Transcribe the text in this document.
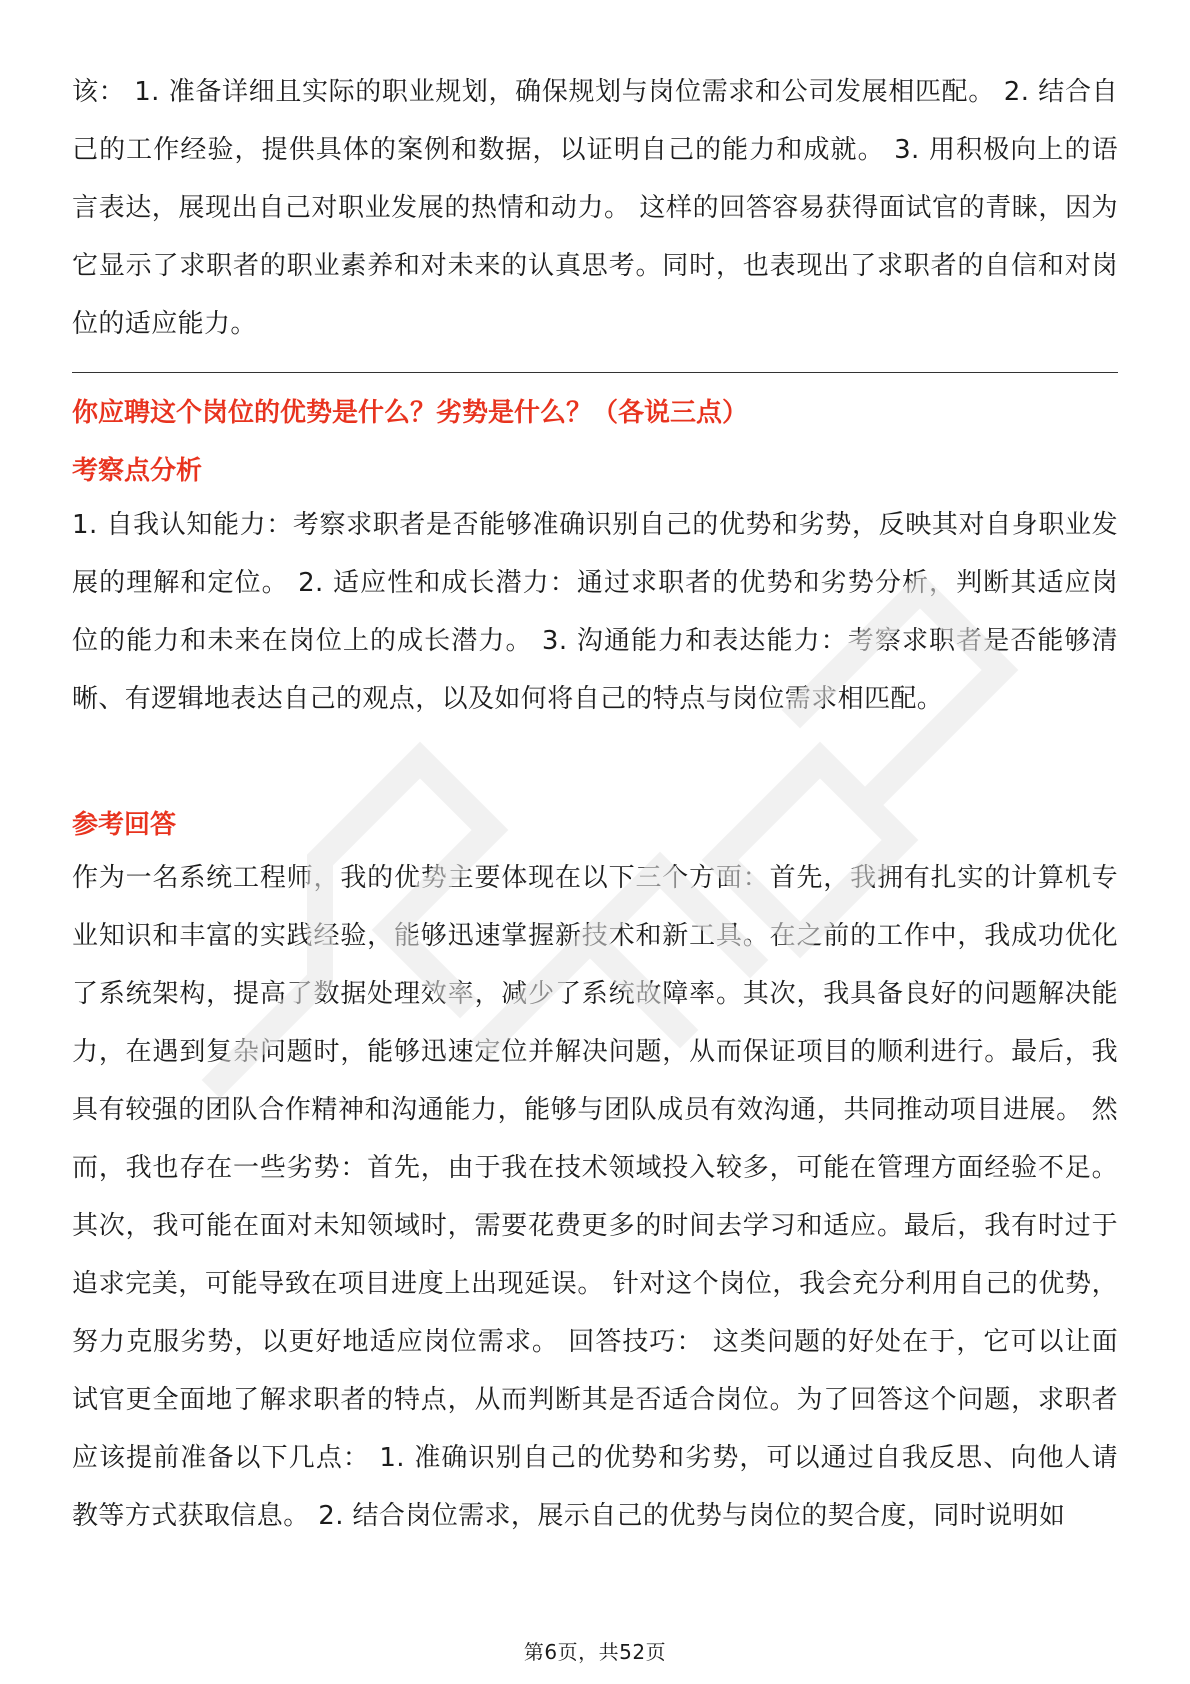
该： 1. 准备详细且实际的职业规划，确保规划与岗位需求和公司发展相匹配。 2. 结合自己的工作经验，提供具体的案例和数据，以证明自己的能力和成就。 3. 用积极向上的语言表达，展现出自己对职业发展的热情和动力。 这样的回答容易获得面试官的青睐，因为它显示了求职者的职业素养和对未来的认真思考。同时，也表现出了求职者的自信和对岗位的适应能力。

你应聘这个岗位的优势是什么？劣势是什么？（各说三点）
考察点分析

1. 自我认知能力：考察求职者是否能够准确识别自己的优势和劣势，反映其对自身职业发展的理解和定位。 2. 适应性和成长潜力：通过求职者的优势和劣势分析，判断其适应岗位的能力和未来在岗位上的成长潜力。 3. 沟通能力和表达能力：考察求职者是否能够清晰、有逻辑地表达自己的观点，以及如何将自己的特点与岗位需求相匹配。

参考回答

作为一名系统工程师，我的优势主要体现在以下三个方面：首先，我拥有扎实的计算机专业知识和丰富的实践经验，能够迅速掌握新技术和新工具。在之前的工作中，我成功优化了系统架构，提高了数据处理效率，减少了系统故障率。其次，我具备良好的问题解决能力，在遇到复杂问题时，能够迅速定位并解决问题，从而保证项目的顺利进行。最后，我具有较强的团队合作精神和沟通能力，能够与团队成员有效沟通，共同推动项目进展。 然而，我也存在一些劣势：首先，由于我在技术领域投入较多，可能在管理方面经验不足。其次，我可能在面对未知领域时，需要花费更多的时间去学习和适应。最后，我有时过于追求完美，可能导致在项目进度上出现延误。 针对这个岗位，我会充分利用自己的优势，努力克服劣势，以更好地适应岗位需求。 回答技巧： 这类问题的好处在于，它可以让面试官更全面地了解求职者的特点，从而判断其是否适合岗位。为了回答这个问题，求职者应该提前准备以下几点： 1. 准确识别自己的优势和劣势，可以通过自我反思、向他人请教等方式获取信息。 2. 结合岗位需求，展示自己的优势与岗位的契合度，同时说明如

第6页，共52页
